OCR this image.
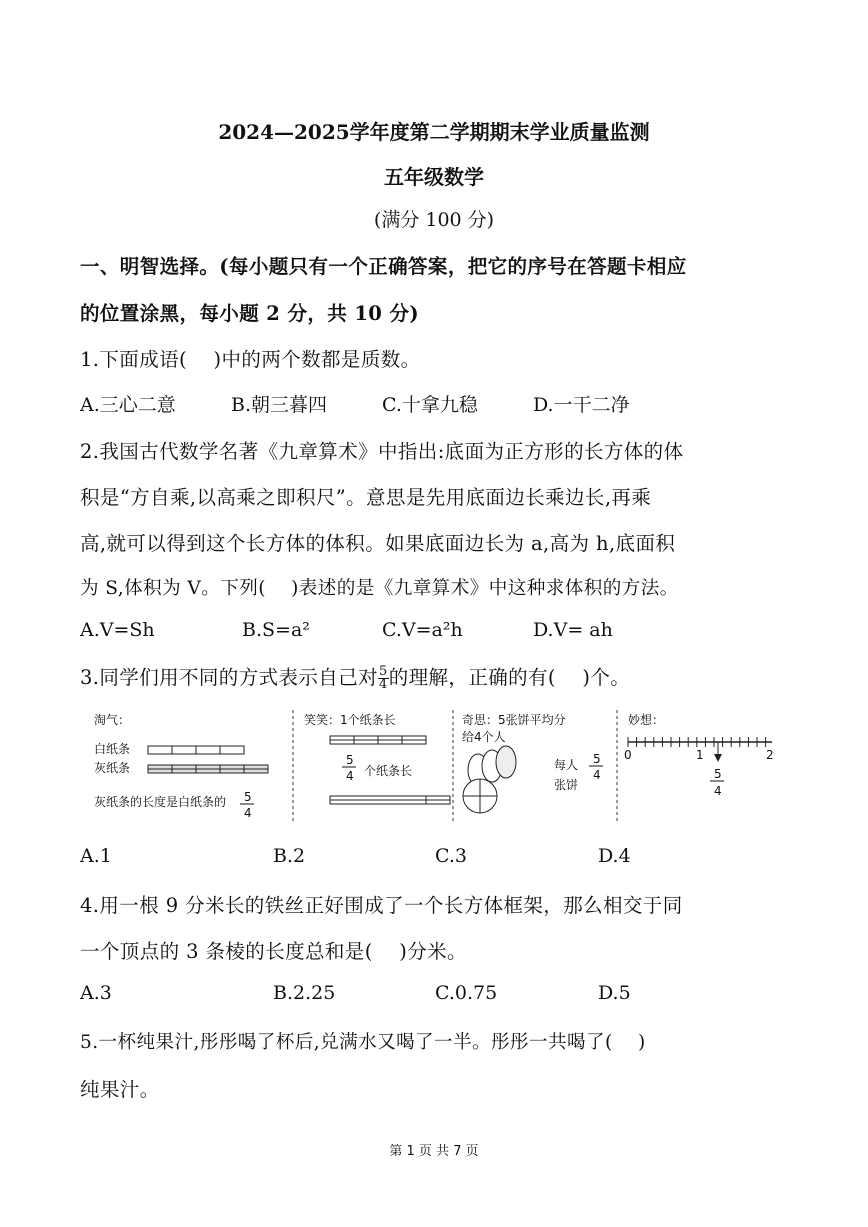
2024—2025学年度第二学期期末学业质量监测
五年级数学
(满分 100 分)
一、明智选择。(每小题只有一个正确答案，把它的序号在答题卡相应
的位置涂黑，每小题 2 分，共 10 分)
1.下面成语(　 )中的两个数都是质数。
A.三心二意	B.朝三暮四	C.十拿九稳	D.一干二净
2.我国古代数学名著《九章算术》中指出:底面为正方形的长方体的体
积是“方自乘,以高乘之即积尺”。意思是先用底面边长乘边长,再乘
高,就可以得到这个长方体的体积。如果底面边长为 a,高为 h,底面积
为 S,体积为 V。下列(　 )表述的是《九章算术》中这种求体积的方法。
A.V=Sh	B.S=a²	C.V=a²h	D.V= ah
3.同学们用不同的方式表示自己对 $\frac{5}{4}$ 的理解，正确的有(　 )个。
淘气：
白纸条
灰纸条
灰纸条的长度是白纸条的 5
4
笑笑：1个纸条长
5
4 个纸条长
奇思：5张饼平均分
给4个人
每人
张饼
5
4
妙想：
0	1	2
5
4
A.1	B.2	C.3	D.4
4.用一根 9 分米长的铁丝正好围成了一个长方体框架，那么相交于同
一个顶点的 3 条棱的长度总和是(　 )分米。
A.3	B.2.25	C.0.75	D.5
5.一杯纯果汁,彤彤喝了杯后,兑满水又喝了一半。彤彤一共喝了(　 )
纯果汁。
第 1 页 共 7 页
